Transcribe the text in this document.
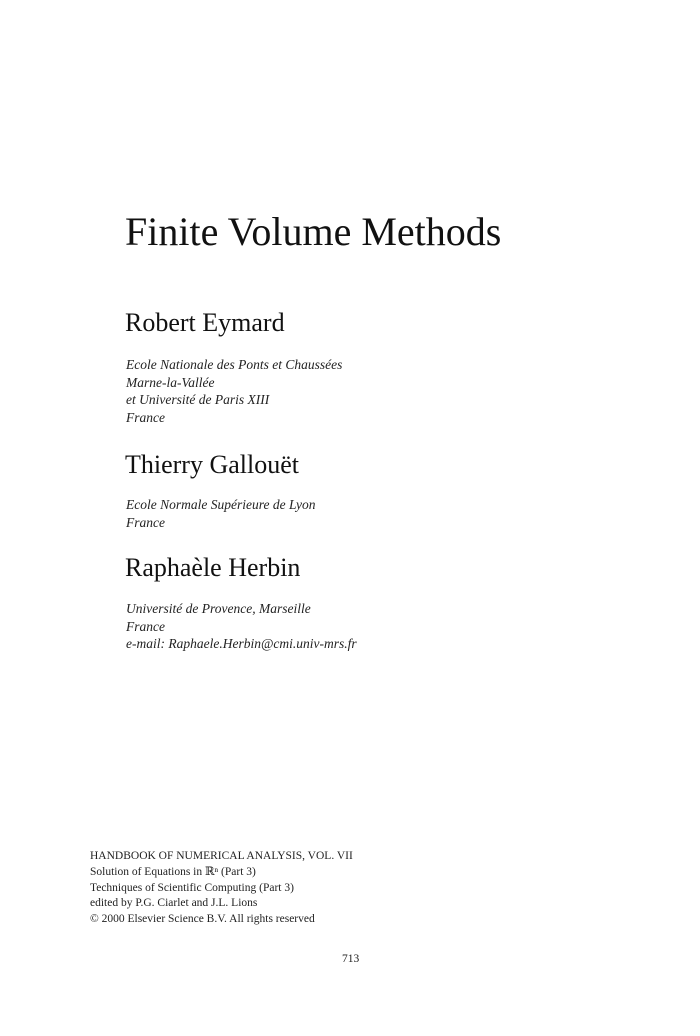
Finite Volume Methods
Robert Eymard
Ecole Nationale des Ponts et Chaussées
Marne-la-Vallée
et Université de Paris XIII
France
Thierry Gallouët
Ecole Normale Supérieure de Lyon
France
Raphaèle Herbin
Université de Provence, Marseille
France
e-mail: Raphaele.Herbin@cmi.univ-mrs.fr
HANDBOOK OF NUMERICAL ANALYSIS, VOL. VII
Solution of Equations in ℝⁿ (Part 3)
Techniques of Scientific Computing (Part 3)
edited by P.G. Ciarlet and J.L. Lions
© 2000 Elsevier Science B.V. All rights reserved
713
